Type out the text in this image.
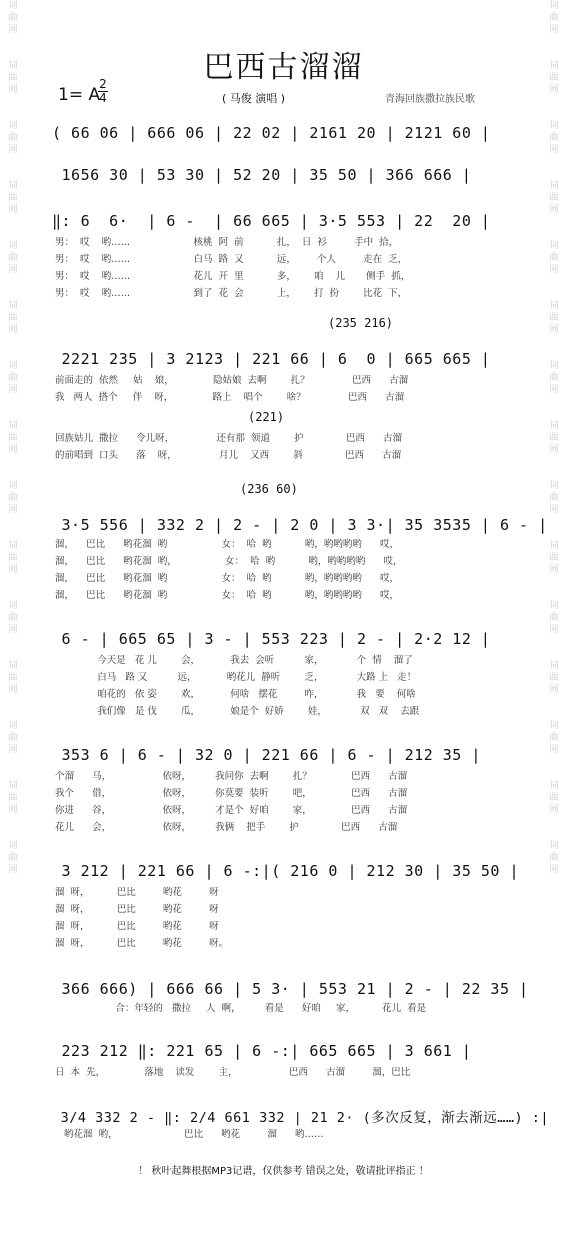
词
曲
网
词
曲
网
词
曲
网
词
曲
网
词
曲
网
词
曲
网
词
曲
网
词
曲
网
词
曲
网
词
曲
网
词
曲
网
词
曲
网
词
曲
网
词
曲
网
词
曲
网
词
曲
网
词
曲
网
词
曲
网
词
曲
网
词
曲
网
词
曲
网
词
曲
网
词
曲
网
词
曲
网
词
曲
网
词
曲
网
词
曲
网
词
曲
网
词
曲
网
词
曲
网
巴西古溜溜
1= A
2
4	( 马俊 演唱 )	青海回族撒拉族民歌
( 66 06 | 666 06 | 22 02 | 2161 20 | 2121 60 |
1656 30 | 53 30 | 52 20 | 35 50 | 366 666 |
‖: 6  6·  | 6 -  | 66 665 | 3·5 553 | 22  20 |
男：  哎    哟……                     核桃  阿  前           扎，  日  衫         手中  拾，
男：  哎    哟……                     白马  路  又           远，       个人         走在  乏，
男：  哎    哟……                     花儿  开  里           多，      咱    儿       侧手  抓，
男：  哎    哟……                     到了  花  会           上，      打  扮        比花  下，
(235 216)
2221 235 | 3 2123 | 221 66 | 6  0 | 665 665 |
前面走的  依然     姑    娘，             隐姑娘  去啊        扎？              巴西      古溜
我   两人  搭个     伴    呀，             路上    唱个        啥？              巴西      古溜
(221)
回族姑儿  撒拉      令儿呀，              还有那  领道        护              巴西      古溜
的前唱到  口头      落    呀，              月儿    又西        斜              巴西      古溜
(236 60)
3·5 556 | 332 2 | 2 - | 2 0 | 3 3·| 35 3535 | 6 - |
溜，    巴比      哟花溜  哟                  女：  哈  哟           哟，哟哟哟哟      哎，
溜，    巴比      哟花溜  哟，                女：  哈  哟           哟，哟哟哟哟      哎，
溜，    巴比      哟花溜  哟                  女：  哈  哟           哟，哟哟哟哟      哎，
溜，    巴比      哟花溜  哟                  女：  哈  哟           哟，哟哟哟哟      哎，
6 - | 665 65 | 3 - | 553 223 | 2 - | 2·2 12 |
今天是   花 儿        会，          我去  会听          家，           个  情    溜了
白马   路 又          远，          哟花儿  静听        乏，           大路 上   走！
咱花的   依 姿        欢，          何啥   摆花         咋，           我   要    何啥
我们像   是 伐        瓜，          娘是个  好娇        娃，           双   双    去跟
353 6 | 6 - | 32 0 | 221 66 | 6 - | 212 35 |
个溜      马，                 依呀，        我问你  去啊        扎？             巴西      古溜
我个      借，                 依呀，        你莫要  装听        吧，             巴西      古溜
你进      谷，                 依呀，        才是个  好咱        家，             巴西      古溜
花儿      会，                 依呀，        我俩    把手        护              巴西      古溜
3 212 | 221 66 | 6 -:|( 216 0 | 212 30 | 35 50 |
溜  呀，         巴比         哟花         呀
溜  呀，         巴比         哟花         呀
溜  呀，         巴比         哟花         呀
溜  呀，         巴比         哟花         呀。
366 666) | 666 66 | 5 3· | 553 21 | 2 - | 22 35 |
合：年轻的   撒拉     人  啊，        看是      好咱     家，         花儿  看是
223 212 ‖: 221 65 | 6 -:| 665 665 | 3 661 |
日  本  先，             落地    读发        主，                 巴西      古溜         溜，巴比
3/4 332 2 - ‖: 2/4 661 332 | 21 2· (多次反复，渐去渐远……) :|
哟花溜  哟，                      巴比      哟花         溜      哟……
！ 秋叶起舞根据MP3记谱，仅供参考 错误之处，敬请批评指正 ！
